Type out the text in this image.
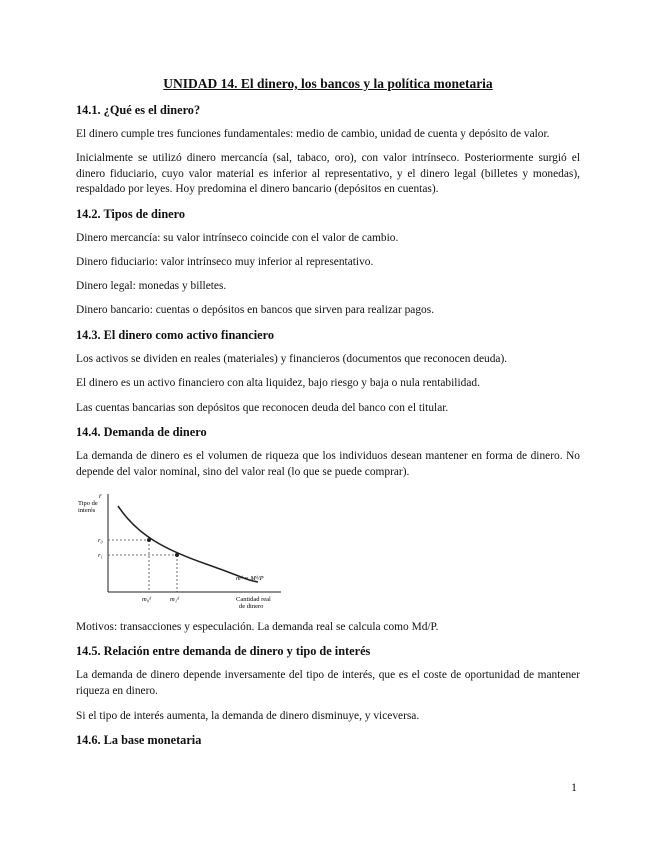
UNIDAD 14. El dinero, los bancos y la política monetaria
14.1. ¿Qué es el dinero?
El dinero cumple tres funciones fundamentales: medio de cambio, unidad de cuenta y depósito de valor.
Inicialmente se utilizó dinero mercancía (sal, tabaco, oro), con valor intrínseco. Posteriormente surgió el dinero fiduciario, cuyo valor material es inferior al representativo, y el dinero legal (billetes y monedas), respaldado por leyes. Hoy predomina el dinero bancario (depósitos en cuentas).
14.2. Tipos de dinero
Dinero mercancía: su valor intrínseco coincide con el valor de cambio.
Dinero fiduciario: valor intrínseco muy inferior al representativo.
Dinero legal: monedas y billetes.
Dinero bancario: cuentas o depósitos en bancos que sirven para realizar pagos.
14.3. El dinero como activo financiero
Los activos se dividen en reales (materiales) y financieros (documentos que reconocen deuda).
El dinero es un activo financiero con alta liquidez, bajo riesgo y baja o nula rentabilidad.
Las cuentas bancarias son depósitos que reconocen deuda del banco con el titular.
14.4. Demanda de dinero
La demanda de dinero es el volumen de riqueza que los individuos desean mantener en forma de dinero. No depende del valor nominal, sino del valor real (lo que se puede comprar).
r
Tipo de
interés
r₀
r₁
m₀ᵈ	m₁ᵈ
mᵈ = Mᵈ/P
Cantidad real
de dinero
Motivos: transacciones y especulación. La demanda real se calcula como Md/P.
14.5. Relación entre demanda de dinero y tipo de interés
La demanda de dinero depende inversamente del tipo de interés, que es el coste de oportunidad de mantener riqueza en dinero.
Si el tipo de interés aumenta, la demanda de dinero disminuye, y viceversa.
14.6. La base monetaria
1
